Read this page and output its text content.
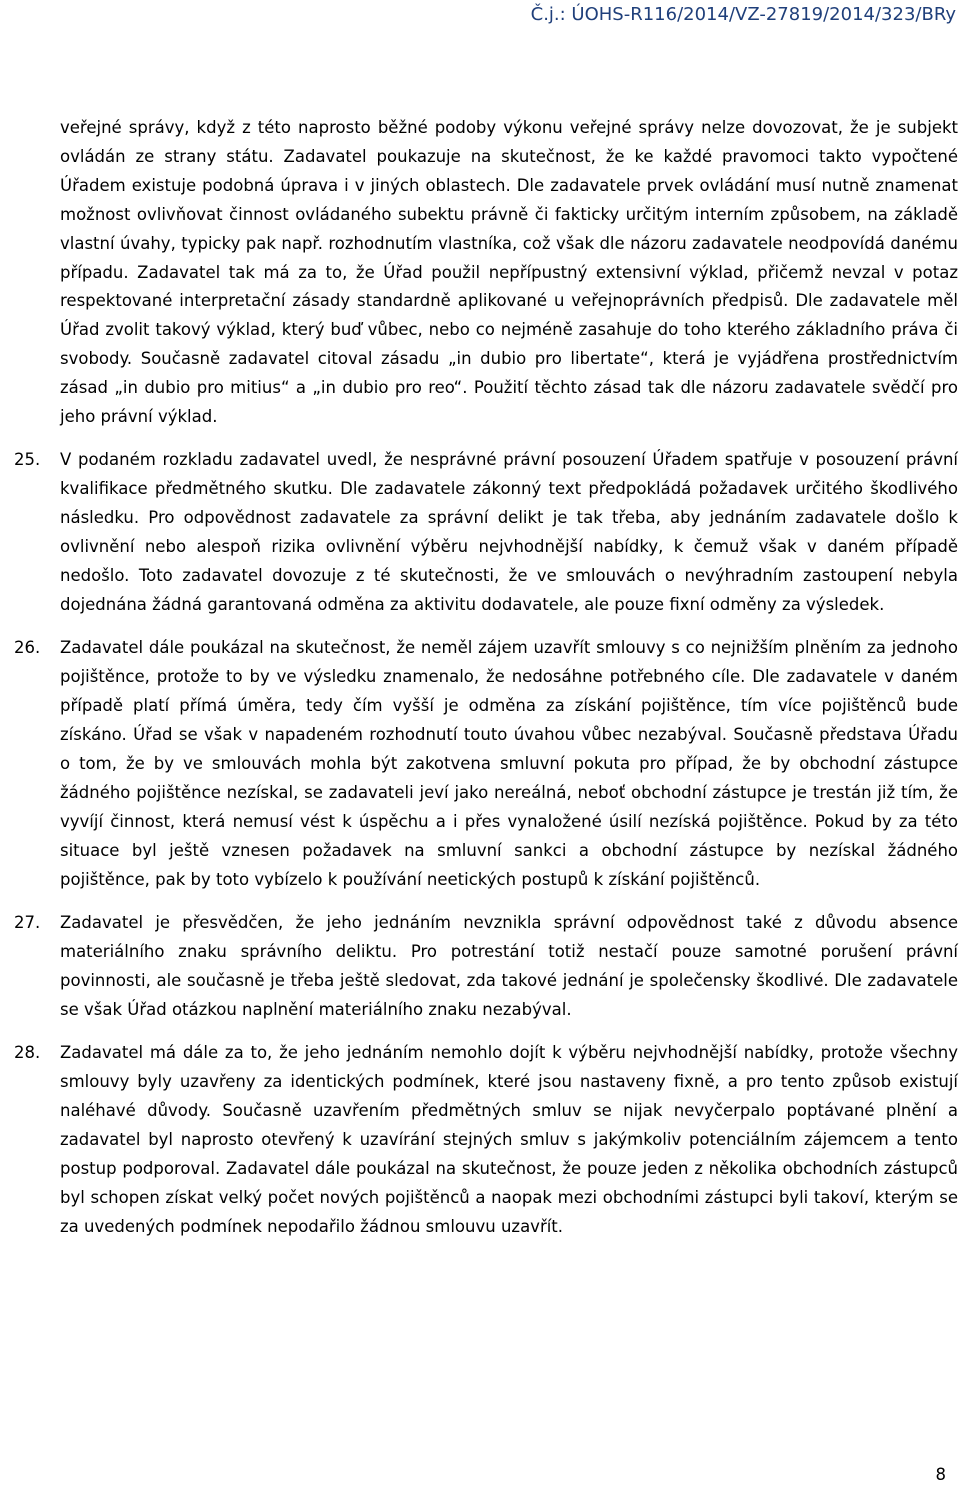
Č.j.: ÚOHS-R116/2014/VZ-27819/2014/323/BRy

veřejné správy, když z této naprosto běžné podoby výkonu veřejné správy nelze dovozovat, že je subjekt ovládán ze strany státu. Zadavatel poukazuje na skutečnost, že ke každé pravomoci takto vypočtené Úřadem existuje podobná úprava i v jiných oblastech. Dle zadavatele prvek ovládání musí nutně znamenat možnost ovlivňovat činnost ovládaného subektu právně či fakticky určitým interním způsobem, na základě vlastní úvahy, typicky pak např. rozhodnutím vlastníka, což však dle názoru zadavatele neodpovídá danému případu. Zadavatel tak má za to, že Úřad použil nepřípustný extensivní výklad, přičemž nevzal v potaz respektované interpretační zásady standardně aplikované u veřejnoprávních předpisů. Dle zadavatele měl Úřad zvolit takový výklad, který buď vůbec, nebo co nejméně zasahuje do toho kterého základního práva či svobody. Současně zadavatel citoval zásadu „in dubio pro libertate“, která je vyjádřena prostřednictvím zásad „in dubio pro mitius“ a „in dubio pro reo“. Použití těchto zásad tak dle názoru zadavatele svědčí pro jeho právní výklad.

25. V podaném rozkladu zadavatel uvedl, že nesprávné právní posouzení Úřadem spatřuje v posouzení právní kvalifikace předmětného skutku. Dle zadavatele zákonný text předpokládá požadavek určitého škodlivého následku. Pro odpovědnost zadavatele za správní delikt je tak třeba, aby jednáním zadavatele došlo k ovlivnění nebo alespoň rizika ovlivnění výběru nejvhodnější nabídky, k čemuž však v daném případě nedošlo. Toto zadavatel dovozuje z té skutečnosti, že ve smlouvách o nevýhradním zastoupení nebyla dojednána žádná garantovaná odměna za aktivitu dodavatele, ale pouze fixní odměny za výsledek.

26. Zadavatel dále poukázal na skutečnost, že neměl zájem uzavřít smlouvy s co nejnižším plněním za jednoho pojištěnce, protože to by ve výsledku znamenalo, že nedosáhne potřebného cíle. Dle zadavatele v daném případě platí přímá úměra, tedy čím vyšší je odměna za získání pojištěnce, tím více pojištěnců bude získáno. Úřad se však v napadeném rozhodnutí touto úvahou vůbec nezabýval. Současně představa Úřadu o tom, že by ve smlouvách mohla být zakotvena smluvní pokuta pro případ, že by obchodní zástupce žádného pojištěnce nezískal, se zadavateli jeví jako nereálná, neboť obchodní zástupce je trestán již tím, že vyvíjí činnost, která nemusí vést k úspěchu a i přes vynaložené úsilí nezíská pojištěnce. Pokud by za této situace byl ještě vznesen požadavek na smluvní sankci a obchodní zástupce by nezískal žádného pojištěnce, pak by toto vybízelo k používání neetických postupů k získání pojištěnců.

27. Zadavatel je přesvědčen, že jeho jednáním nevznikla správní odpovědnost také z důvodu absence materiálního znaku správního deliktu. Pro potrestání totiž nestačí pouze samotné porušení právní povinnosti, ale současně je třeba ještě sledovat, zda takové jednání je společensky škodlivé. Dle zadavatele se však Úřad otázkou naplnění materiálního znaku nezabýval.

28. Zadavatel má dále za to, že jeho jednáním nemohlo dojít k výběru nejvhodnější nabídky, protože všechny smlouvy byly uzavřeny za identických podmínek, které jsou nastaveny fixně, a pro tento způsob existují naléhavé důvody. Současně uzavřením předmětných smluv se nijak nevyčerpalo poptávané plnění a zadavatel byl naprosto otevřený k uzavírání stejných smluv s jakýmkoliv potenciálním zájemcem a tento postup podporoval. Zadavatel dále poukázal na skutečnost, že pouze jeden z několika obchodních zástupců byl schopen získat velký počet nových pojištěnců a naopak mezi obchodními zástupci byli takoví, kterým se za uvedených podmínek nepodařilo žádnou smlouvu uzavřít.

8
